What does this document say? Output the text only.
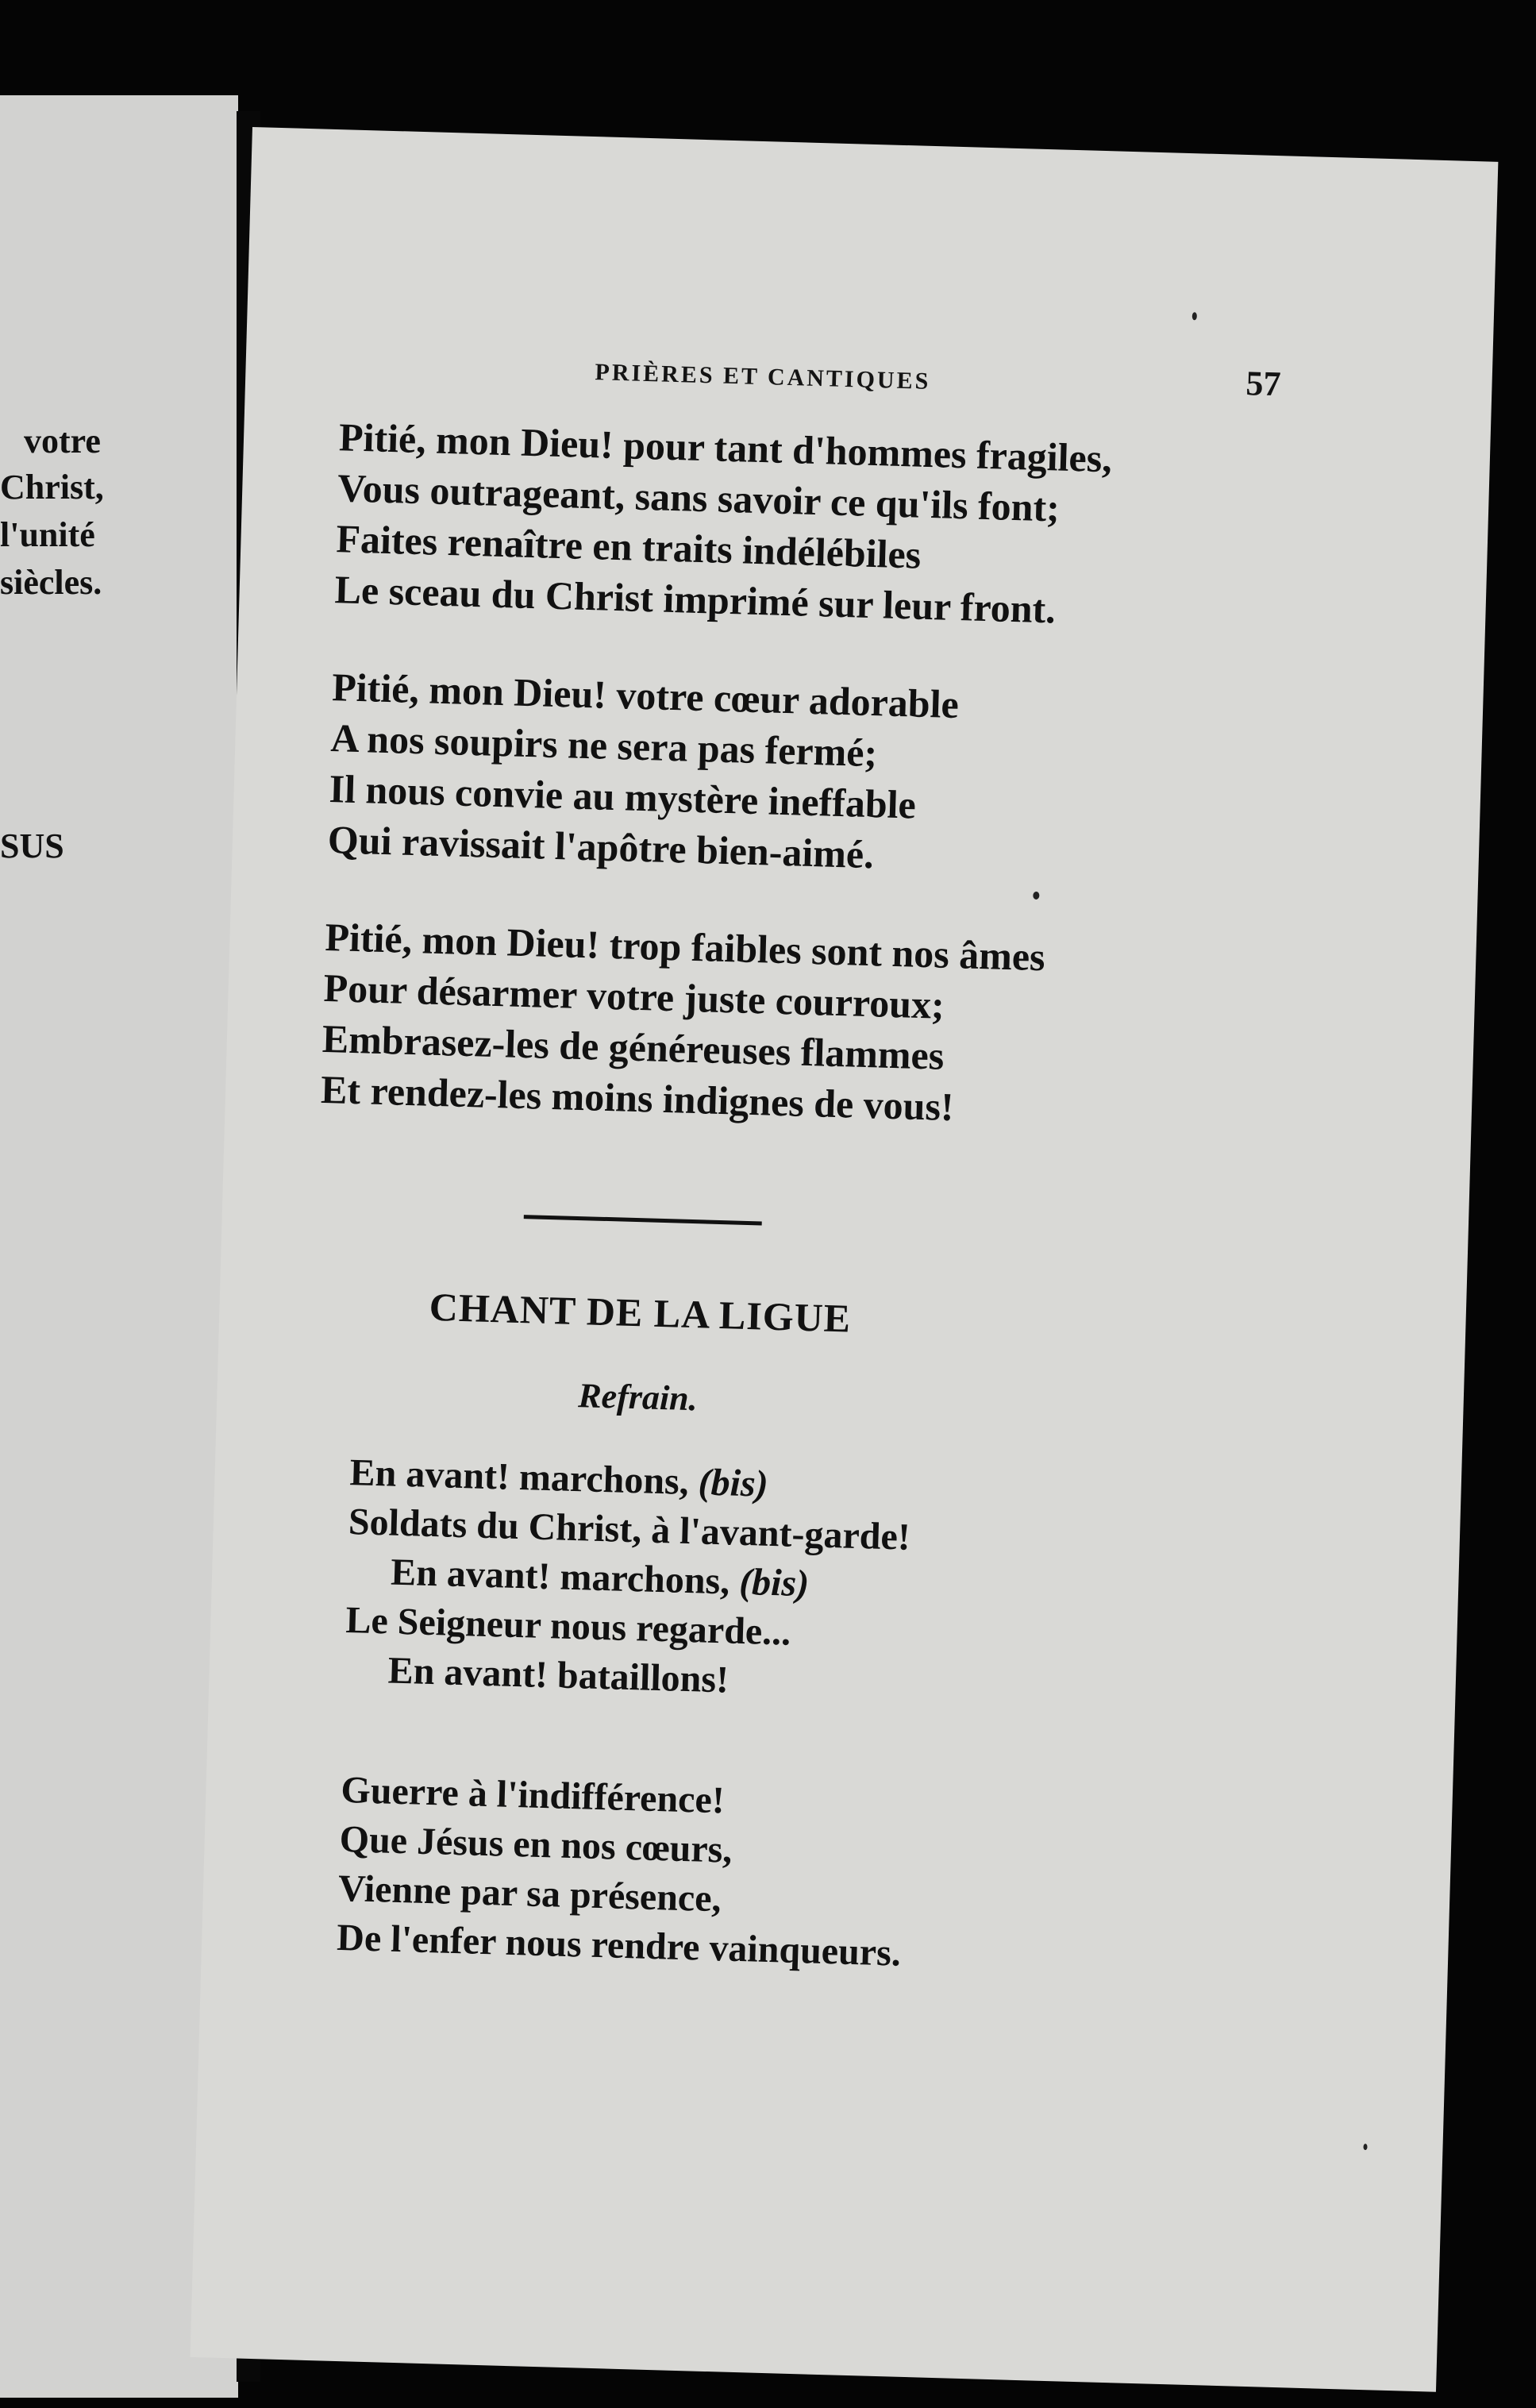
votre
Christ,
l'unité
siècles.
SUS
PRIÈRES ET CANTIQUES	57
Pitié, mon Dieu! pour tant d'hommes fragiles,
Vous outrageant, sans savoir ce qu'ils font;
Faites renaître en traits indélébiles
Le sceau du Christ imprimé sur leur front.
Pitié, mon Dieu! votre cœur adorable
A nos soupirs ne sera pas fermé;
Il nous convie au mystère ineffable
Qui ravissait l'apôtre bien-aimé.
Pitié, mon Dieu! trop faibles sont nos âmes
Pour désarmer votre juste courroux;
Embrasez-les de généreuses flammes
Et rendez-les moins indignes de vous!
CHANT DE LA LIGUE
Refrain.
En avant! marchons, (bis)
Soldats du Christ, à l'avant-garde!
En avant! marchons, (bis)
Le Seigneur nous regarde...
En avant! bataillons!
Guerre à l'indifférence!
Que Jésus en nos cœurs,
Vienne par sa présence,
De l'enfer nous rendre vainqueurs.
